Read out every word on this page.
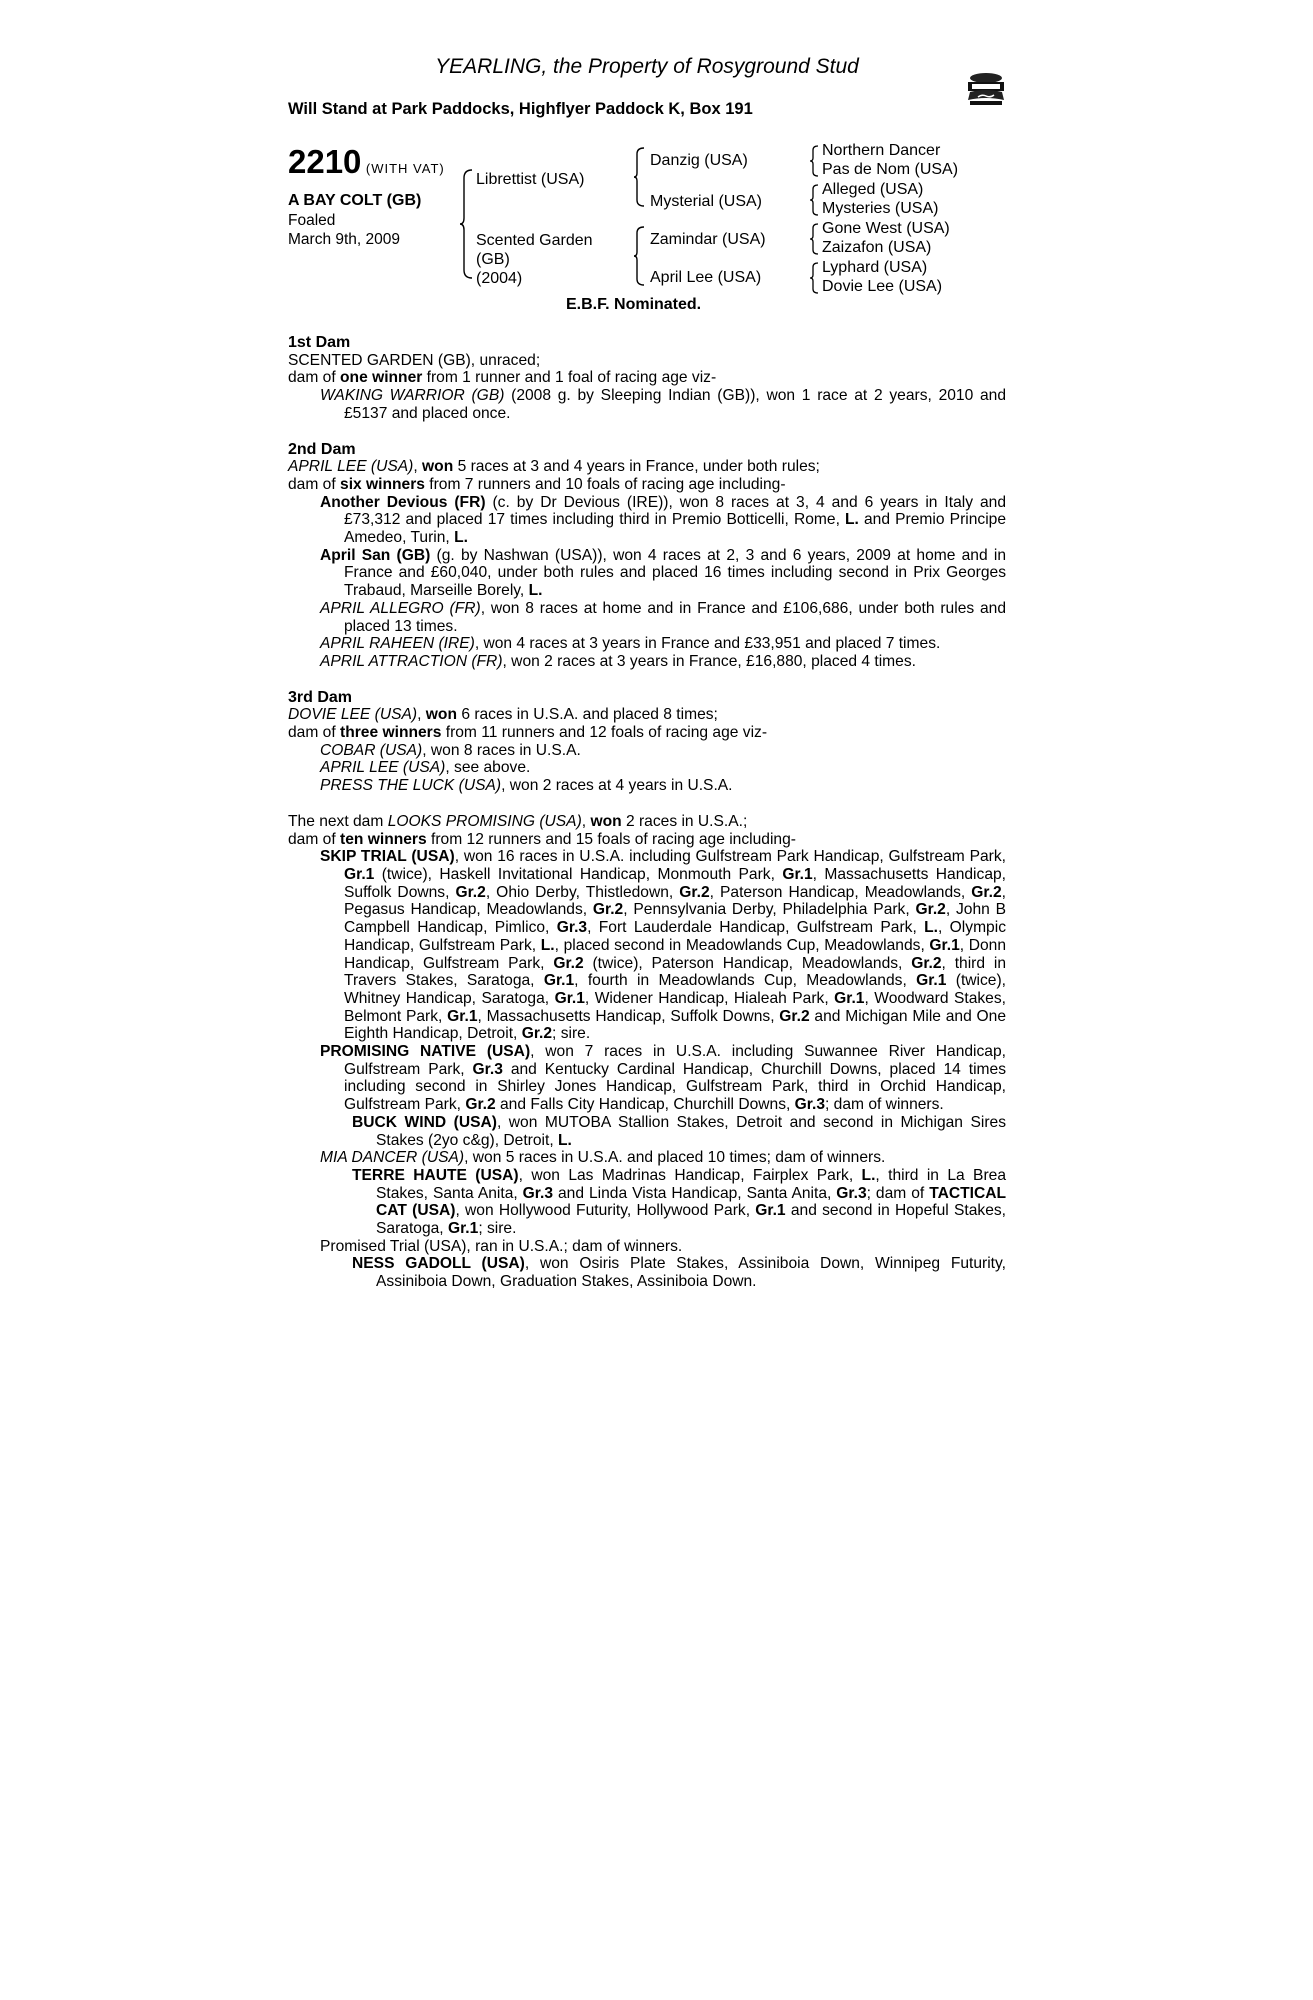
YEARLING, the Property of Rosyground Stud
Will Stand at Park Paddocks, Highflyer Paddock K, Box 191
2210 (WITH VAT)
A BAY COLT (GB)
Foaled
March 9th, 2009
Librettist (USA)
Scented Garden
(GB)
(2004)
Danzig (USA)
Mysterial (USA)
Zamindar (USA)
April Lee (USA)
Northern Dancer
Pas de Nom (USA)
Alleged (USA)
Mysteries (USA)
Gone West (USA)
Zaizafon (USA)
Lyphard (USA)
Dovie Lee (USA)
E.B.F. Nominated.

1st Dam

SCENTED GARDEN (GB), unraced;

dam of one winner from 1 runner and 1 foal of racing age viz-

WAKING WARRIOR (GB) (2008 g. by Sleeping Indian (GB)), won 1 race at 2 years, 2010 and £5137 and placed once.

2nd Dam

APRIL LEE (USA), won 5 races at 3 and 4 years in France, under both rules;

dam of six winners from 7 runners and 10 foals of racing age including-

Another Devious (FR) (c. by Dr Devious (IRE)), won 8 races at 3, 4 and 6 years in Italy and £73,312 and placed 17 times including third in Premio Botticelli, Rome, L. and Premio Principe Amedeo, Turin, L.

April San (GB) (g. by Nashwan (USA)), won 4 races at 2, 3 and 6 years, 2009 at home and in France and £60,040, under both rules and placed 16 times including second in Prix Georges Trabaud, Marseille Borely, L.

APRIL ALLEGRO (FR), won 8 races at home and in France and £106,686, under both rules and placed 13 times.

APRIL RAHEEN (IRE), won 4 races at 3 years in France and £33,951 and placed 7 times.

APRIL ATTRACTION (FR), won 2 races at 3 years in France, £16,880, placed 4 times.

3rd Dam

DOVIE LEE (USA), won 6 races in U.S.A. and placed 8 times;

dam of three winners from 11 runners and 12 foals of racing age viz-

COBAR (USA), won 8 races in U.S.A.

APRIL LEE (USA), see above.

PRESS THE LUCK (USA), won 2 races at 4 years in U.S.A.

The next dam LOOKS PROMISING (USA), won 2 races in U.S.A.;

dam of ten winners from 12 runners and 15 foals of racing age including-

SKIP TRIAL (USA), won 16 races in U.S.A. including Gulfstream Park Handicap, Gulfstream Park, Gr.1 (twice), Haskell Invitational Handicap, Monmouth Park, Gr.1, Massachusetts Handicap, Suffolk Downs, Gr.2, Ohio Derby, Thistledown, Gr.2, Paterson Handicap, Meadowlands, Gr.2, Pegasus Handicap, Meadowlands, Gr.2, Pennsylvania Derby, Philadelphia Park, Gr.2, John B Campbell Handicap, Pimlico, Gr.3, Fort Lauderdale Handicap, Gulfstream Park, L., Olympic Handicap, Gulfstream Park, L., placed second in Meadowlands Cup, Meadowlands, Gr.1, Donn Handicap, Gulfstream Park, Gr.2 (twice), Paterson Handicap, Meadowlands, Gr.2, third in Travers Stakes, Saratoga, Gr.1, fourth in Meadowlands Cup, Meadowlands, Gr.1 (twice), Whitney Handicap, Saratoga, Gr.1, Widener Handicap, Hialeah Park, Gr.1, Woodward Stakes, Belmont Park, Gr.1, Massachusetts Handicap, Suffolk Downs, Gr.2 and Michigan Mile and One Eighth Handicap, Detroit, Gr.2; sire.

PROMISING NATIVE (USA), won 7 races in U.S.A. including Suwannee River Handicap, Gulfstream Park, Gr.3 and Kentucky Cardinal Handicap, Churchill Downs, placed 14 times including second in Shirley Jones Handicap, Gulfstream Park, third in Orchid Handicap, Gulfstream Park, Gr.2 and Falls City Handicap, Churchill Downs, Gr.3; dam of winners.

BUCK WIND (USA), won MUTOBA Stallion Stakes, Detroit and second in Michigan Sires Stakes (2yo c&g), Detroit, L.

MIA DANCER (USA), won 5 races in U.S.A. and placed 10 times; dam of winners.

TERRE HAUTE (USA), won Las Madrinas Handicap, Fairplex Park, L., third in La Brea Stakes, Santa Anita, Gr.3 and Linda Vista Handicap, Santa Anita, Gr.3; dam of TACTICAL CAT (USA), won Hollywood Futurity, Hollywood Park, Gr.1 and second in Hopeful Stakes, Saratoga, Gr.1; sire.

Promised Trial (USA), ran in U.S.A.; dam of winners.

NESS GADOLL (USA), won Osiris Plate Stakes, Assiniboia Down, Winnipeg Futurity, Assiniboia Down, Graduation Stakes, Assiniboia Down.
